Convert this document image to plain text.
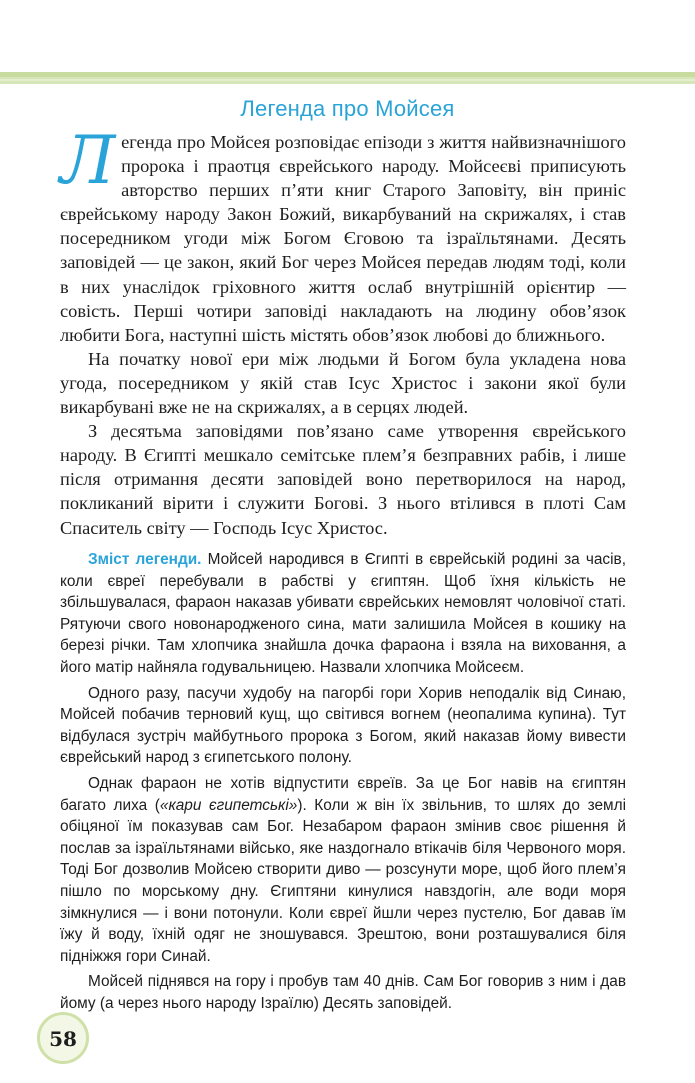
Легенда про Мойсея

Легенда про Мойсея розповідає епізоди з життя найвизначнішого пророка і праотця єврейського народу. Мойсеєві приписують авторство перших п’яти книг Старого Заповіту, він приніс єврейському народу Закон Божий, викарбуваний на скрижалях, і став посередником угоди між Богом Єговою та ізраїльтянами. Десять заповідей — це закон, який Бог через Мойсея передав людям тоді, коли в них унаслідок гріховного життя ослаб внутрішній орієнтир — совість. Перші чотири заповіді накладають на людину обов’язок любити Бога, наступні шість містять обов’язок любові до ближнього.

На початку нової ери між людьми й Богом була укладена нова угода, посередником у якій став Ісус Христос і закони якої були викарбувані вже не на скрижалях, а в серцях людей.

З десятьма заповідями пов’язано саме утворення єврейського народу. В Єгипті мешкало семітське плем’я безправних рабів, і лише після отримання десяти заповідей воно перетворилося на народ, покликаний вірити і служити Богові. З нього втілився в плоті Сам Спаситель світу — Господь Ісус Христос.

Зміст легенди. Мойсей народився в Єгипті в єврейській родині за часів, коли євреї перебували в рабстві у єгиптян. Щоб їхня кількість не збільшувалася, фараон наказав убивати єврейських немовлят чоловічої статі. Рятуючи свого новонародженого сина, мати залишила Мойсея в кошику на березі річки. Там хлопчика знайшла дочка фараона і взяла на виховання, а його матір найняла годувальницею. Назвали хлопчика Мойсеєм.

Одного разу, пасучи худобу на пагорбі гори Хорив неподалік від Синаю, Мойсей побачив терновий кущ, що світився вогнем (неопалима купина). Тут відбулася зустріч майбутнього пророка з Богом, який наказав йому вивести єврейський народ з єгипетського полону.

Однак фараон не хотів відпустити євреїв. За це Бог навів на єгиптян багато лиха («кари єгипетські»). Коли ж він їх звільнив, то шлях до землі обіцяної їм показував сам Бог. Незабаром фараон змінив своє рішення й послав за ізраїльтянами військо, яке наздогнало втікачів біля Червоного моря. Тоді Бог дозволив Мойсею створити диво — розсунути море, щоб його плем’я пішло по морському дну. Єгиптяни кинулися навздогін, але води моря зімкнулися — і вони потонули. Коли євреї йшли через пустелю, Бог давав їм їжу й воду, їхній одяг не зношувався. Зрештою, вони розташувалися біля підніжжя гори Синай.

Мойсей піднявся на гору і пробув там 40 днів. Сам Бог говорив з ним і дав йому (а через нього народу Ізраїлю) Десять заповідей.

58
